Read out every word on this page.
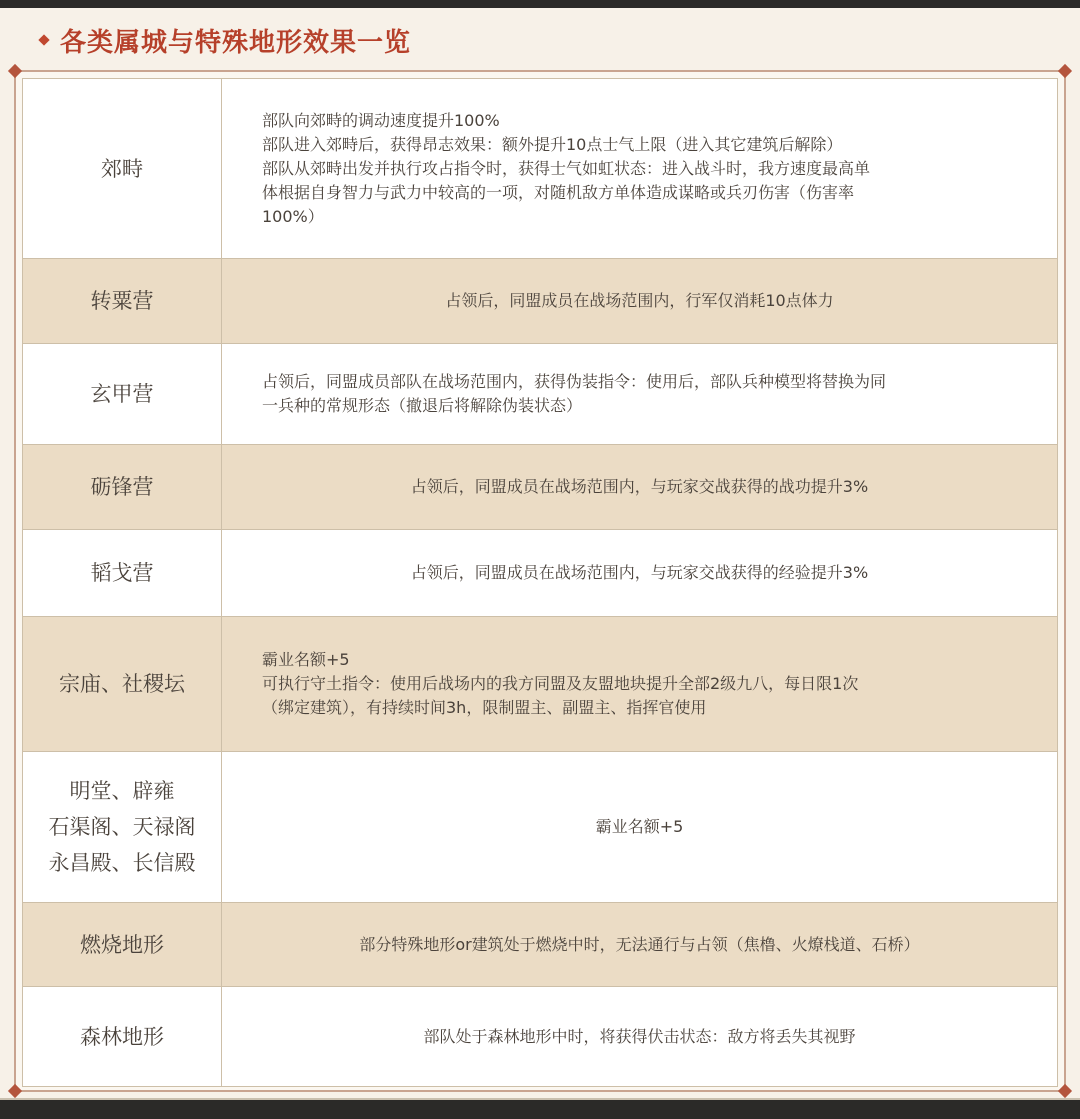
各类属城与特殊地形效果一览
郊畤	部队向郊畤的调动速度提升100%
部队进入郊畤后，获得昂志效果：额外提升10点士气上限（进入其它建筑后解除）
部队从郊畤出发并执行攻占指令时，获得士气如虹状态：进入战斗时，我方速度最高单
体根据自身智力与武力中较高的一项，对随机敌方单体造成谋略或兵刃伤害（伤害率
100%）

转粟营	占领后，同盟成员在战场范围内，行军仅消耗10点体力

玄甲营	占领后，同盟成员部队在战场范围内，获得伪装指令：使用后，部队兵种模型将替换为同
一兵种的常规形态（撤退后将解除伪装状态）

砺锋营	占领后，同盟成员在战场范围内，与玩家交战获得的战功提升3%

韬戈营	占领后，同盟成员在战场范围内，与玩家交战获得的经验提升3%

宗庙、社稷坛	霸业名额+5
可执行守土指令：使用后战场内的我方同盟及友盟地块提升全部2级九八，每日限1次
（绑定建筑），有持续时间3h，限制盟主、副盟主、指挥官使用

明堂、辟雍
石渠阁、天禄阁
永昌殿、长信殿	霸业名额+5

燃烧地形	部分特殊地形or建筑处于燃烧中时，无法通行与占领（焦橹、火燎栈道、石桥）

森林地形	部队处于森林地形中时，将获得伏击状态：敌方将丢失其视野
